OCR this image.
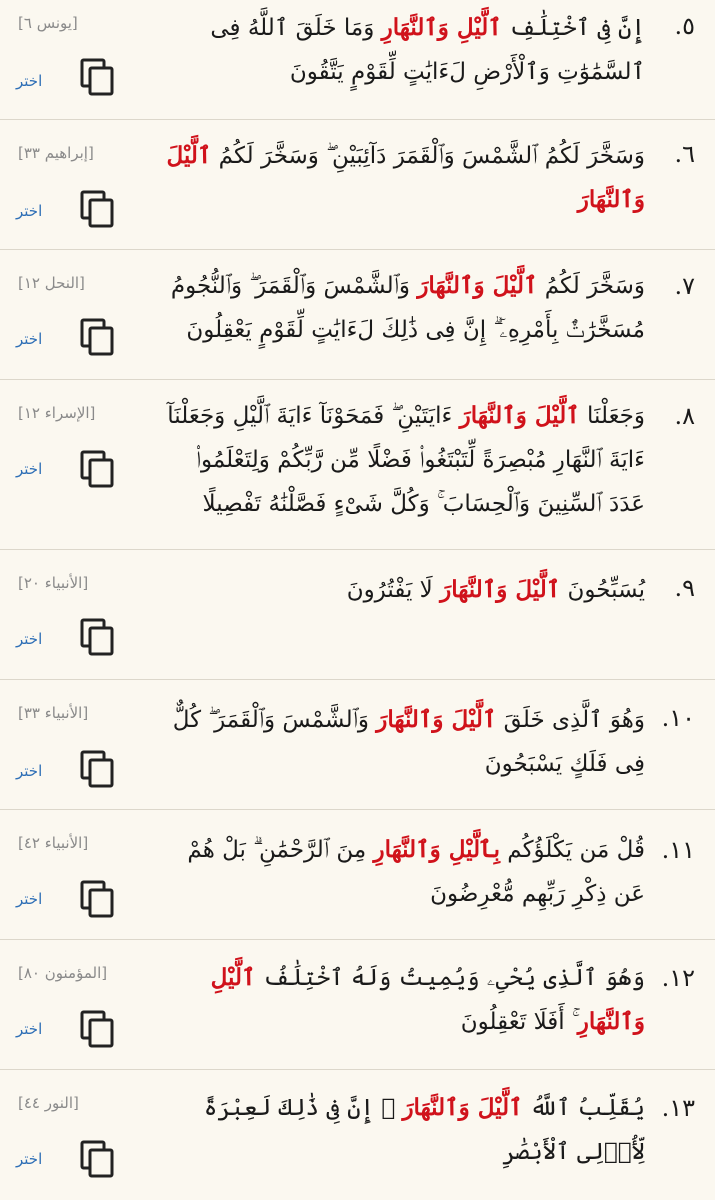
٥.
إِنَّ فِى ٱخْتِلَٰفِ ٱلَّيْلِ وَٱلنَّهَارِ وَمَا خَلَقَ ٱللَّهُ فِى ٱلسَّمَٰوَٰتِ وَٱلْأَرْضِ لَءَايَٰتٍ لِّقَوْمٍ يَتَّقُونَ
[يونس ٦]
اختر
٦.
وَسَخَّرَ لَكُمُ ٱلشَّمْسَ وَٱلْقَمَرَ دَآئِبَيْنِ ۖ وَسَخَّرَ لَكُمُ ٱلَّيْلَ وَٱلنَّهَارَ
[إبراهيم ٣٣]
اختر
٧.
وَسَخَّرَ لَكُمُ ٱلَّيْلَ وَٱلنَّهَارَ وَٱلشَّمْسَ وَٱلْقَمَرَ ۖ وَٱلنُّجُومُ مُسَخَّرَٰتٌۢ بِأَمْرِهِۦٓ ۗ إِنَّ فِى ذَٰلِكَ لَءَايَٰتٍ لِّقَوْمٍ يَعْقِلُونَ
[النحل ١٢]
اختر
٨.
وَجَعَلْنَا ٱلَّيْلَ وَٱلنَّهَارَ ءَايَتَيْنِ ۖ فَمَحَوْنَآ ءَايَةَ ٱلَّيْلِ وَجَعَلْنَآ ءَايَةَ ٱلنَّهَارِ مُبْصِرَةً لِّتَبْتَغُوا۟ فَضْلًا مِّن رَّبِّكُمْ وَلِتَعْلَمُوا۟ عَدَدَ ٱلسِّنِينَ وَٱلْحِسَابَ ۚ وَكُلَّ شَىْءٍ فَصَّلْنَٰهُ تَفْصِيلًا
[الإسراء ١٢]
اختر
٩.
يُسَبِّحُونَ ٱلَّيْلَ وَٱلنَّهَارَ لَا يَفْتُرُونَ
[الأنبياء ٢٠]
اختر
١٠.
وَهُوَ ٱلَّذِى خَلَقَ ٱلَّيْلَ وَٱلنَّهَارَ وَٱلشَّمْسَ وَٱلْقَمَرَ ۖ كُلٌّ فِى فَلَكٍ يَسْبَحُونَ
[الأنبياء ٣٣]
اختر
١١.
قُلْ مَن يَكْلَؤُكُم بِٱلَّيْلِ وَٱلنَّهَارِ مِنَ ٱلرَّحْمَٰنِ ۗ بَلْ هُمْ عَن ذِكْرِ رَبِّهِم مُّعْرِضُونَ
[الأنبياء ٤٢]
اختر
١٢.
وَهُوَ ٱلَّذِى يُحْىِۦ وَيُمِيتُ وَلَهُ ٱخْتِلَٰفُ ٱلَّيْلِ وَٱلنَّهَارِ ۚ أَفَلَا تَعْقِلُونَ
[المؤمنون ٨٠]
اختر
١٣.
يُقَلِّبُ ٱللَّهُ ٱلَّيْلَ وَٱلنَّهَارَ ۚ إِنَّ فِى ذَٰلِكَ لَعِبْرَةً لِّأُو۟لِى ٱلْأَبْصَٰرِ
[النور ٤٤]
اختر
